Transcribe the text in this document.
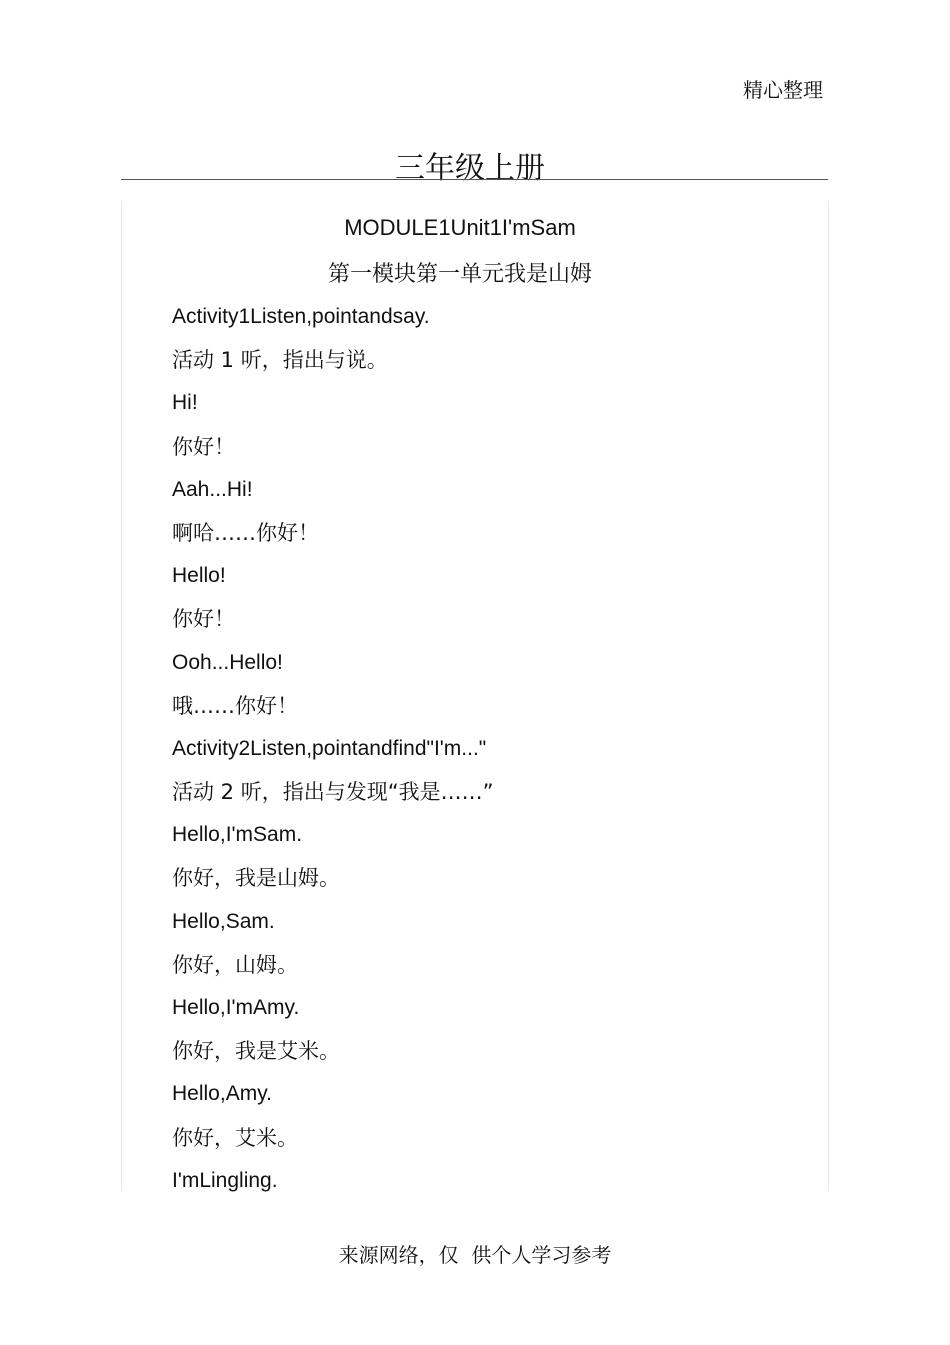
精心整理
三年级上册
MODULE1Unit1I'mSam
第一模块第一单元我是山姆
Activity1Listen,pointandsay.
活动 1 听，指出与说。
Hi!
你好！
Aah...Hi!
啊哈……你好！
Hello!
你好！
Ooh...Hello!
哦……你好！
Activity2Listen,pointandfind"I'm..."
活动 2 听，指出与发现“我是……”
Hello,I'mSam.
你好，我是山姆。
Hello,Sam.
你好，山姆。
Hello,I'mAmy.
你好，我是艾米。
Hello,Amy.
你好，艾米。
I'mLingling.
来源网络，仅  供个人学习参考
